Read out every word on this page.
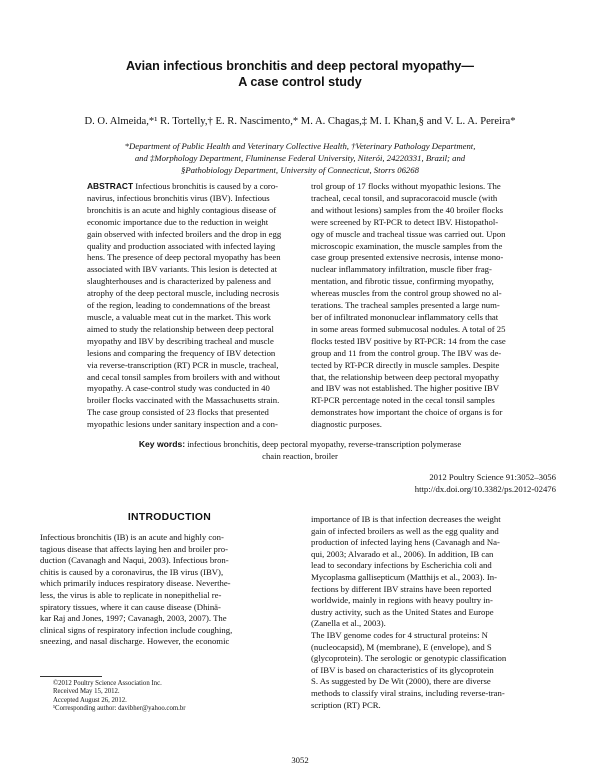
Avian infectious bronchitis and deep pectoral myopathy—
A case control study
D. O. Almeida,*¹ R. Tortelly,† E. R. Nascimento,* M. A. Chagas,‡ M. I. Khan,§ and V. L. A. Pereira*
*Department of Public Health and Veterinary Collective Health, †Veterinary Pathology Department,
and ‡Morphology Department, Fluminense Federal University, Niterói, 24220331, Brazil; and
§Pathobiology Department, University of Connecticut, Storrs 06268
ABSTRACT Infectious bronchitis is caused by a coro-
navirus, infectious bronchitis virus (IBV). Infectious
bronchitis is an acute and highly contagious disease of
economic importance due to the reduction in weight
gain observed with infected broilers and the drop in egg
quality and production associated with infected laying
hens. The presence of deep pectoral myopathy has been
associated with IBV variants. This lesion is detected at
slaughterhouses and is characterized by paleness and
atrophy of the deep pectoral muscle, including necrosis
of the region, leading to condemnations of the breast
muscle, a valuable meat cut in the market. This work
aimed to study the relationship between deep pectoral
myopathy and IBV by describing tracheal and muscle
lesions and comparing the frequency of IBV detection
via reverse-transcription (RT) PCR in muscle, tracheal,
and cecal tonsil samples from broilers with and without
myopathy. A case-control study was conducted in 40
broiler flocks vaccinated with the Massachusetts strain.
The case group consisted of 23 flocks that presented
myopathic lesions under sanitary inspection and a con-
trol group of 17 flocks without myopathic lesions. The
tracheal, cecal tonsil, and supracoracoid muscle (with
and without lesions) samples from the 40 broiler flocks
were screened by RT-PCR to detect IBV. Histopathol-
ogy of muscle and tracheal tissue was carried out. Upon
microscopic examination, the muscle samples from the
case group presented extensive necrosis, intense mono-
nuclear inflammatory infiltration, muscle fiber frag-
mentation, and fibrotic tissue, confirming myopathy,
whereas muscles from the control group showed no al-
terations. The tracheal samples presented a large num-
ber of infiltrated mononuclear inflammatory cells that
in some areas formed submucosal nodules. A total of 25
flocks tested IBV positive by RT-PCR: 14 from the case
group and 11 from the control group. The IBV was de-
tected by RT-PCR directly in muscle samples. Despite
that, the relationship between deep pectoral myopathy
and IBV was not established. The higher positive IBV
RT-PCR percentage noted in the cecal tonsil samples
demonstrates how important the choice of organs is for
diagnostic purposes.
Key words: infectious bronchitis, deep pectoral myopathy, reverse-transcription polymerase
chain reaction, broiler
2012 Poultry Science 91:3052–3056
http://dx.doi.org/10.3382/ps.2012-02476
INTRODUCTION
Infectious bronchitis (IB) is an acute and highly con-
tagious disease that affects laying hen and broiler pro-
duction (Cavanagh and Naqui, 2003). Infectious bron-
chitis is caused by a coronavirus, the IB virus (IBV),
which primarily induces respiratory disease. Neverthe-
less, the virus is able to replicate in nonepithelial re-
spiratory tissues, where it can cause disease (Dhinä-
kar Raj and Jones, 1997; Cavanagh, 2003, 2007). The
clinical signs of respiratory infection include coughing,
sneezing, and nasal discharge. However, the economic
importance of IB is that infection decreases the weight
gain of infected broilers as well as the egg quality and
production of infected laying hens (Cavanagh and Na-
qui, 2003; Alvarado et al., 2006). In addition, IB can
lead to secondary infections by Escherichia coli and
Mycoplasma gallisepticum (Matthijs et al., 2003). In-
fections by different IBV strains have been reported
worldwide, mainly in regions with heavy poultry in-
dustry activity, such as the United States and Europe
(Zanella et al., 2003).
The IBV genome codes for 4 structural proteins: N
(nucleocapsid), M (membrane), E (envelope), and S
(glycoprotein). The serologic or genotypic classification
of IBV is based on characteristics of its glycoprotein
S. As suggested by De Wit (2000), there are diverse
methods to classify viral strains, including reverse-tran-
scription (RT) PCR.
©2012 Poultry Science Association Inc.
Received May 15, 2012.
Accepted August 26, 2012.
¹Corresponding author: davibher@yahoo.com.br
3052
